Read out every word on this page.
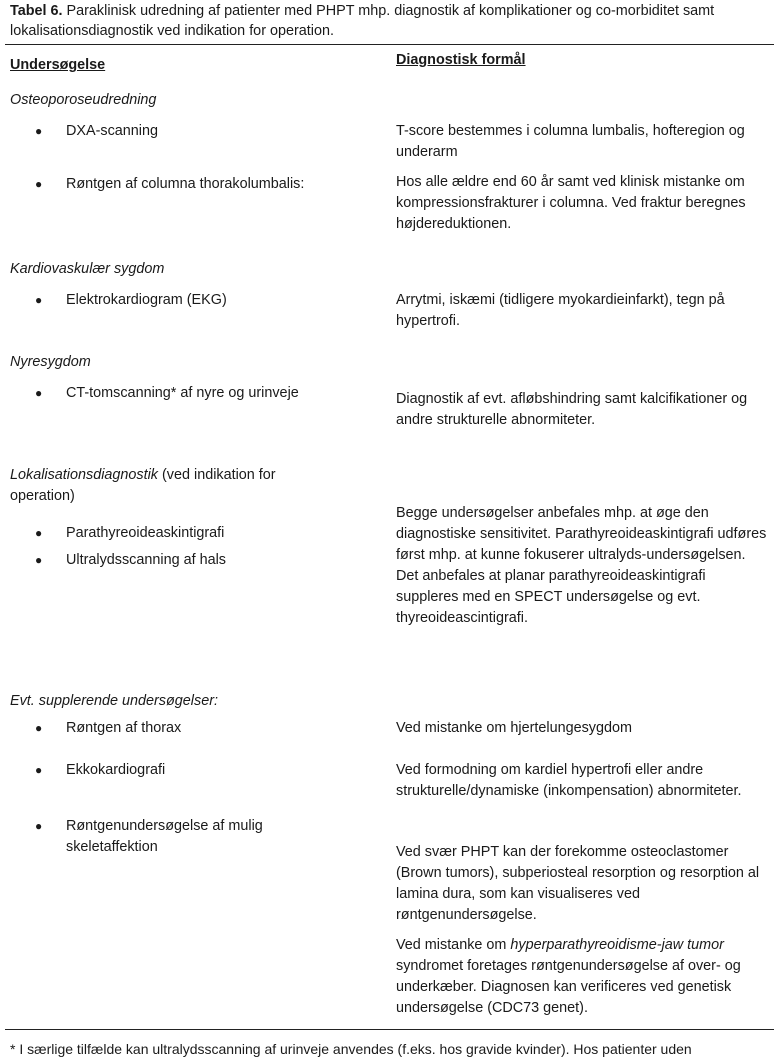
Tabel 6. Paraklinisk udredning af patienter med PHPT mhp. diagnostik af komplikationer og co-morbiditet samt lokalisationsdiagnostik ved indikation for operation.
Undersøgelse	Diagnostisk formål
Osteoporoseudredning
● DXA-scanning	T-score bestemmes i columna lumbalis, hofteregion og underarm
● Røntgen af columna thorakolumbalis:	Hos alle ældre end 60 år samt ved klinisk mistanke om kompressionsfrakturer i columna. Ved fraktur beregnes højdereduktionen.
Kardiovaskulær sygdom
● Elektrokardiogram (EKG)	Arrytmi, iskæmi (tidligere myokardieinfarkt), tegn på hypertrofi.
Nyresygdom
● CT-tomscanning* af nyre og urinveje	Diagnostik af evt. afløbshindring samt kalcifikationer og andre strukturelle abnormiteter.
Lokalisationsdiagnostik (ved indikation for operation)
● Parathyreoideaskintigrafi
● Ultralydsscanning af hals
Begge undersøgelser anbefales mhp. at øge den diagnostiske sensitivitet. Parathyreoideaskintigrafi udføres først mhp. at kunne fokuserer ultralyds-undersøgelsen. Det anbefales at planar parathyreoideaskintigrafi suppleres med en SPECT undersøgelse og evt. thyreoideascintigrafi.
Evt. supplerende undersøgelser:
● Røntgen af thorax	Ved mistanke om hjertelungesygdom
● Ekkokardiografi	Ved formodning om kardiel hypertrofi eller andre strukturelle/dynamiske (inkompensation) abnormiteter.
● Røntgenundersøgelse af mulig skeletaffektion	Ved svær PHPT kan der forekomme osteoclastomer (Brown tumors), subperiosteal resorption og resorption al lamina dura, som kan visualiseres ved røntgenundersøgelse.
Ved mistanke om hyperparathyreoidisme-jaw tumor syndromet foretages røntgenundersøgelse af over- og underkæber. Diagnosen kan verificeres ved genetisk undersøgelse (CDC73 genet).
* I særlige tilfælde kan ultralydsscanning af urinveje anvendes (f.eks. hos gravide kvinder). Hos patienter uden
